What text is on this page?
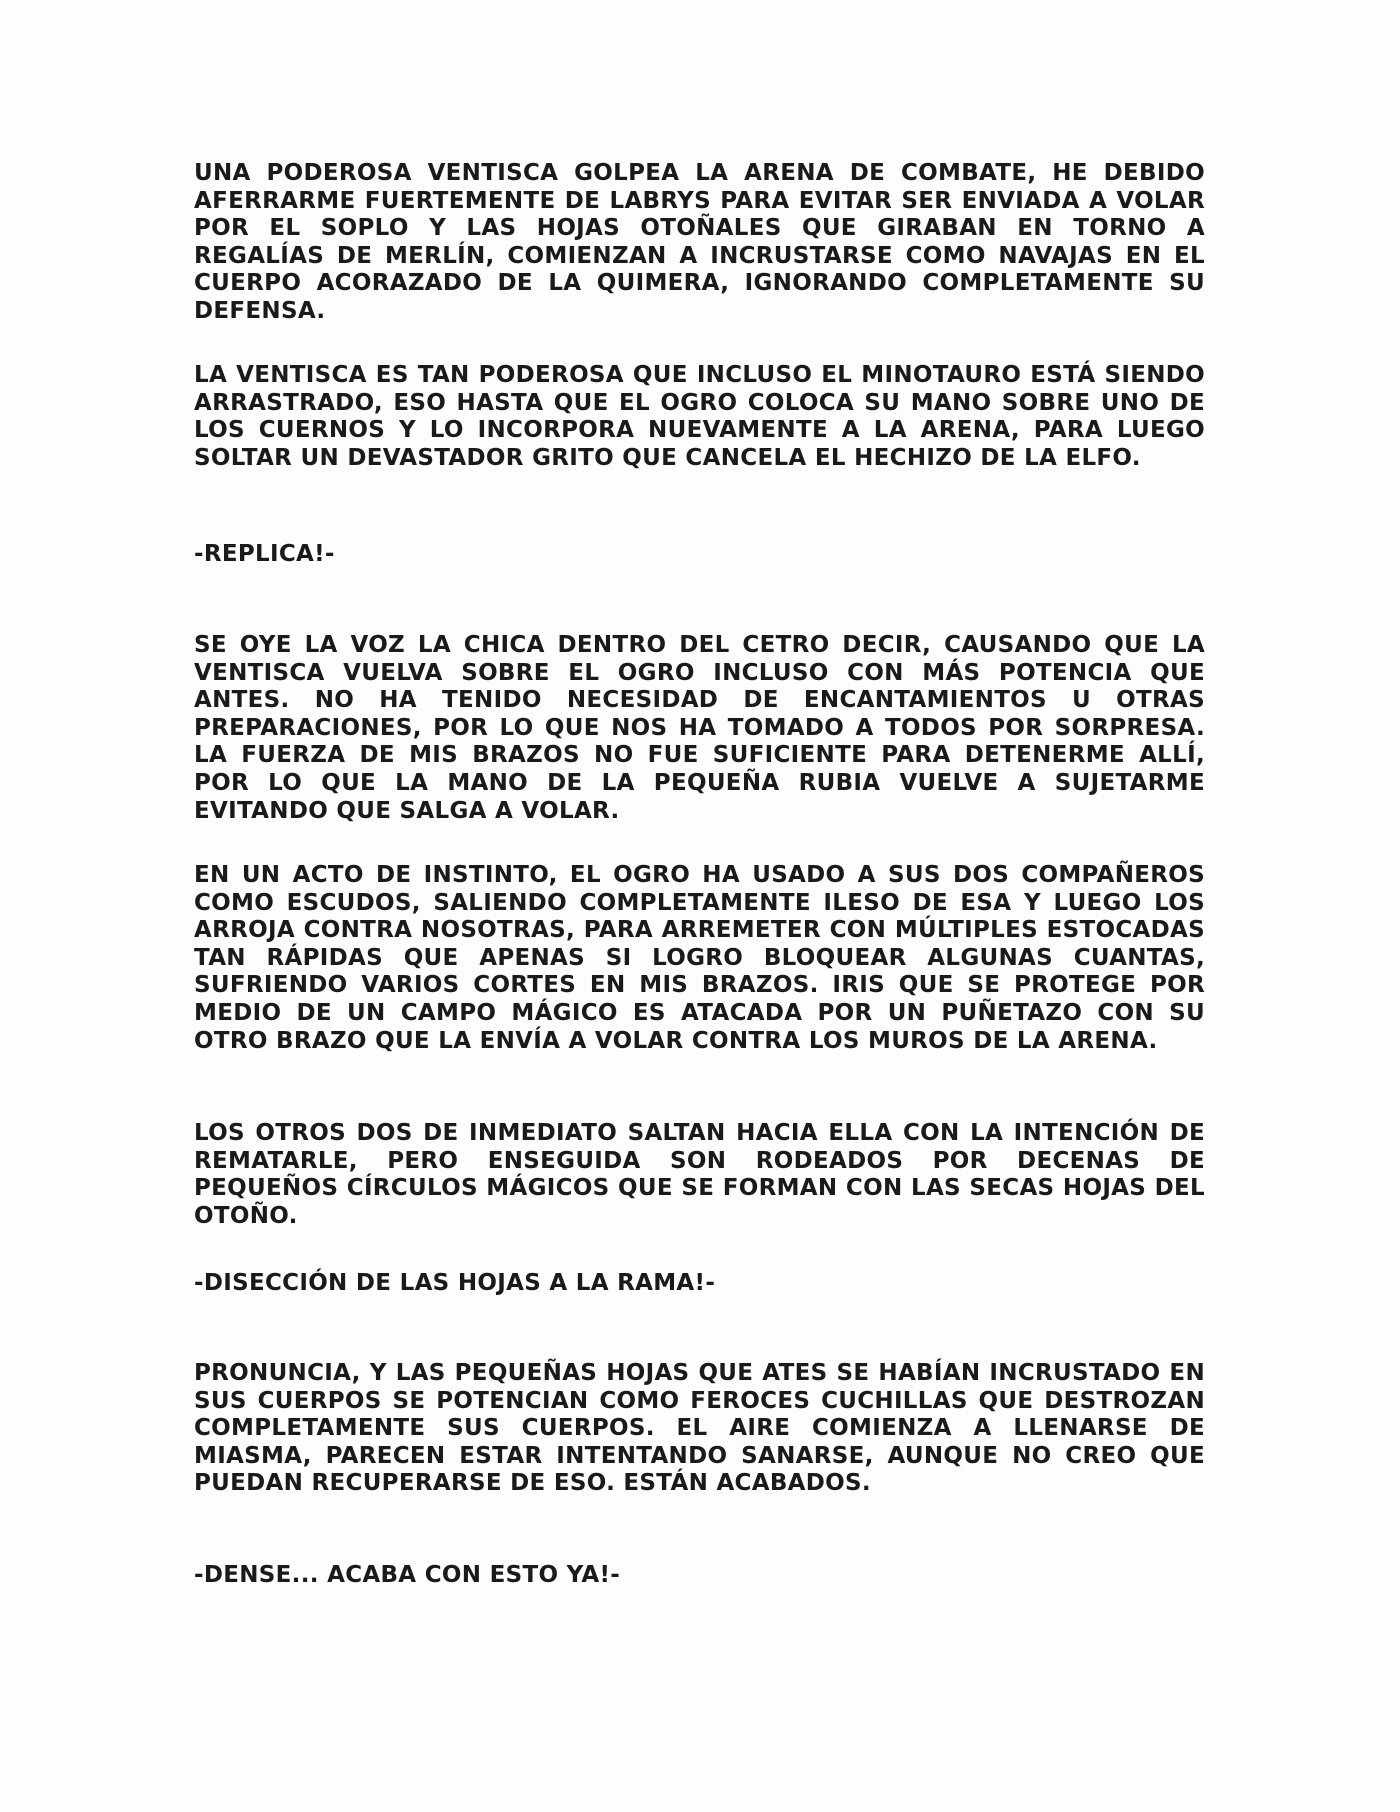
UNA PODEROSA VENTISCA GOLPEA LA ARENA DE COMBATE, HE DEBIDO AFERRARME FUERTEMENTE DE LABRYS PARA EVITAR SER ENVIADA A VOLAR POR EL SOPLO Y LAS HOJAS OTOÑALES QUE GIRABAN EN TORNO A REGALÍAS DE MERLÍN, COMIENZAN A INCRUSTARSE COMO NAVAJAS EN EL CUERPO ACORAZADO DE LA QUIMERA, IGNORANDO COMPLETAMENTE SU DEFENSA.

LA VENTISCA ES TAN PODEROSA QUE INCLUSO EL MINOTAURO ESTÁ SIENDO ARRASTRADO, ESO HASTA QUE EL OGRO COLOCA SU MANO SOBRE UNO DE LOS CUERNOS Y LO INCORPORA NUEVAMENTE A LA ARENA, PARA LUEGO SOLTAR UN DEVASTADOR GRITO QUE CANCELA EL HECHIZO DE LA ELFO.

-REPLICA!-

SE OYE LA VOZ LA CHICA DENTRO DEL CETRO DECIR, CAUSANDO QUE LA VENTISCA VUELVA SOBRE EL OGRO INCLUSO CON MÁS POTENCIA QUE ANTES. NO HA TENIDO NECESIDAD DE ENCANTAMIENTOS U OTRAS PREPARACIONES, POR LO QUE NOS HA TOMADO A TODOS POR SORPRESA. LA FUERZA DE MIS BRAZOS NO FUE SUFICIENTE PARA DETENERME ALLÍ, POR LO QUE LA MANO DE LA PEQUEÑA RUBIA VUELVE A SUJETARME EVITANDO QUE SALGA A VOLAR.

EN UN ACTO DE INSTINTO, EL OGRO HA USADO A SUS DOS COMPAÑEROS COMO ESCUDOS, SALIENDO COMPLETAMENTE ILESO DE ESA Y LUEGO LOS ARROJA CONTRA NOSOTRAS, PARA ARREMETER CON MÚLTIPLES ESTOCADAS TAN RÁPIDAS QUE APENAS SI LOGRO BLOQUEAR ALGUNAS CUANTAS, SUFRIENDO VARIOS CORTES EN MIS BRAZOS. IRIS QUE SE PROTEGE POR MEDIO DE UN CAMPO MÁGICO ES ATACADA POR UN PUÑETAZO CON SU OTRO BRAZO QUE LA ENVÍA A VOLAR CONTRA LOS MUROS DE LA ARENA.

LOS OTROS DOS DE INMEDIATO SALTAN HACIA ELLA CON LA INTENCIÓN DE REMATARLE, PERO ENSEGUIDA SON RODEADOS POR DECENAS DE PEQUEÑOS CÍRCULOS MÁGICOS QUE SE FORMAN CON LAS SECAS HOJAS DEL OTOÑO.

-DISECCIÓN DE LAS HOJAS A LA RAMA!-

PRONUNCIA, Y LAS PEQUEÑAS HOJAS QUE ATES SE HABÍAN INCRUSTADO EN SUS CUERPOS SE POTENCIAN COMO FEROCES CUCHILLAS QUE DESTROZAN COMPLETAMENTE SUS CUERPOS. EL AIRE COMIENZA A LLENARSE DE MIASMA, PARECEN ESTAR INTENTANDO SANARSE, AUNQUE NO CREO QUE PUEDAN RECUPERARSE DE ESO. ESTÁN ACABADOS.

-DENSE... ACABA CON ESTO YA!-
